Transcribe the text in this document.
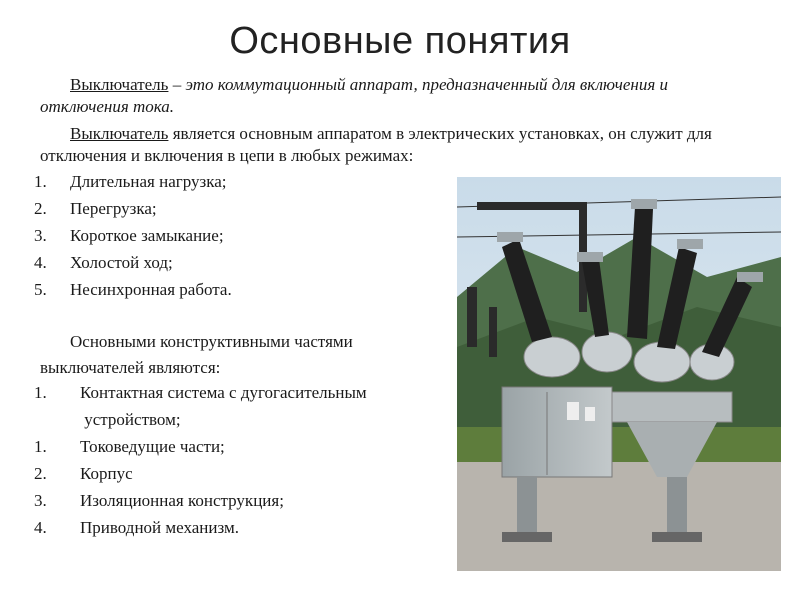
Основные понятия
Выключатель – это коммутационный аппарат, предназначенный для включения и отключения тока.
Выключатель является основным аппаратом в электрических установках, он служит для отключения и включения в цепи в любых режимах:
1. Длительная нагрузка;
2. Перегрузка;
3. Короткое замыкание;
4. Холостой ход;
5. Несинхронная работа.
Основными конструктивными частями
выключателей являются:
1. Контактная система с дугогасительным
устройством;
1. Токоведущие части;
2. Корпус
3. Изоляционная конструкция;
4. Приводной механизм.
